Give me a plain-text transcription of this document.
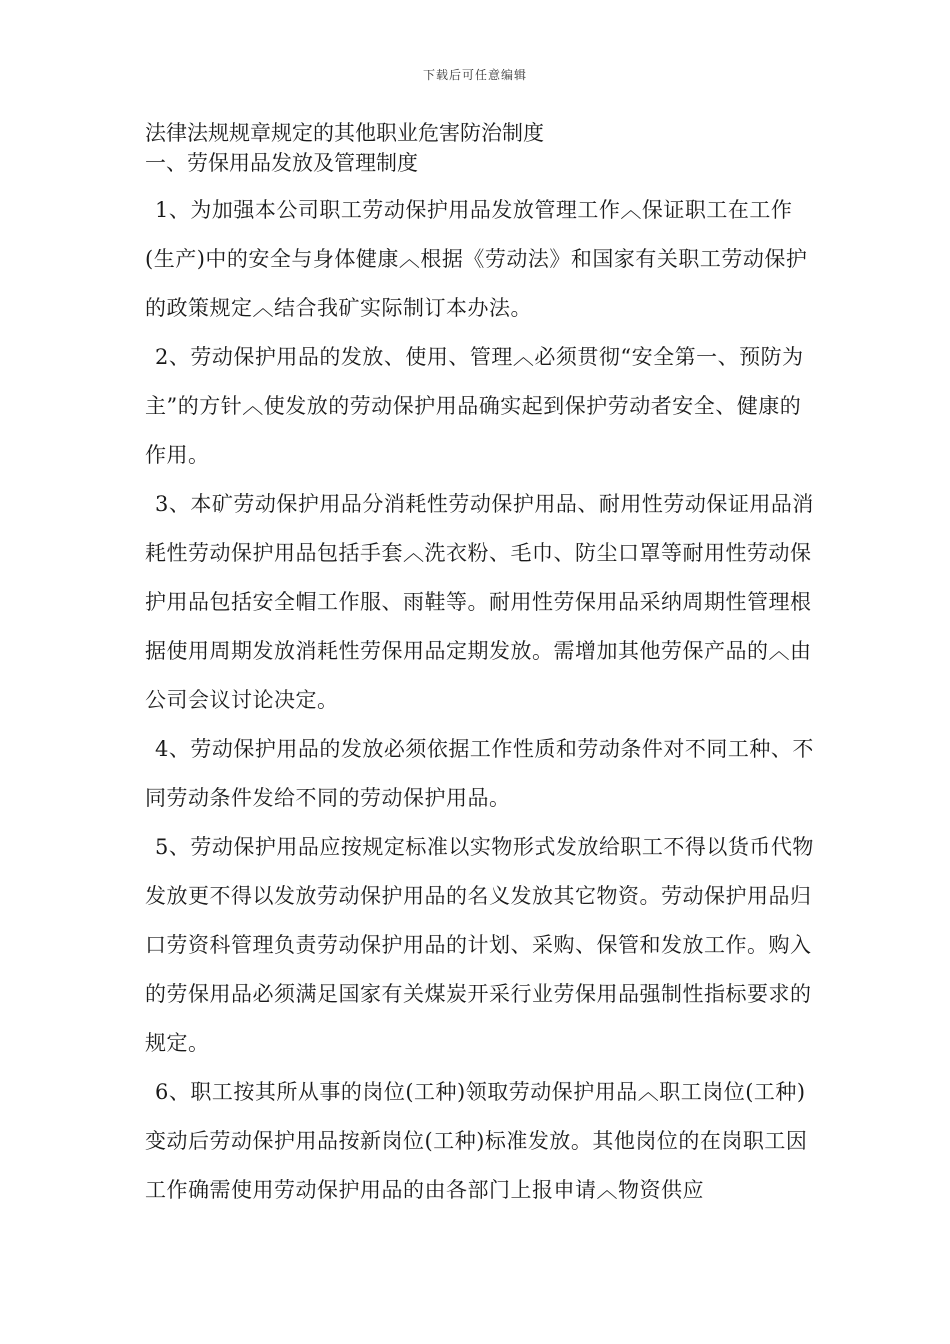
下载后可任意编辑
法律法规规章规定的其他职业危害防治制度
一、劳保用品发放及管理制度

1、为加强本公司职工劳动保护用品发放管理工作︿保证职工在工作(生产)中的安全与身体健康︿根据《劳动法》和国家有关职工劳动保护的政策规定︿结合我矿实际制订本办法。

2、劳动保护用品的发放、使用、管理︿必须贯彻“安全第一、预防为主”的方针︿使发放的劳动保护用品确实起到保护劳动者安全、健康的作用。

3、本矿劳动保护用品分消耗性劳动保护用品、耐用性劳动保证用品消耗性劳动保护用品包括手套︿洗衣粉、毛巾、防尘口罩等耐用性劳动保护用品包括安全帽工作服、雨鞋等。耐用性劳保用品采纳周期性管理根据使用周期发放消耗性劳保用品定期发放。需增加其他劳保产品的︿由公司会议讨论决定。

4、劳动保护用品的发放必须依据工作性质和劳动条件对不同工种、不同劳动条件发给不同的劳动保护用品。

5、劳动保护用品应按规定标准以实物形式发放给职工不得以货币代物发放更不得以发放劳动保护用品的名义发放其它物资。劳动保护用品归口劳资科管理负责劳动保护用品的计划、采购、保管和发放工作。购入的劳保用品必须满足国家有关煤炭开采行业劳保用品强制性指标要求的规定。

6、职工按其所从事的岗位(工种)领取劳动保护用品︿职工岗位(工种)变动后劳动保护用品按新岗位(工种)标准发放。其他岗位的在岗职工因工作确需使用劳动保护用品的由各部门上报申请︿物资供应
